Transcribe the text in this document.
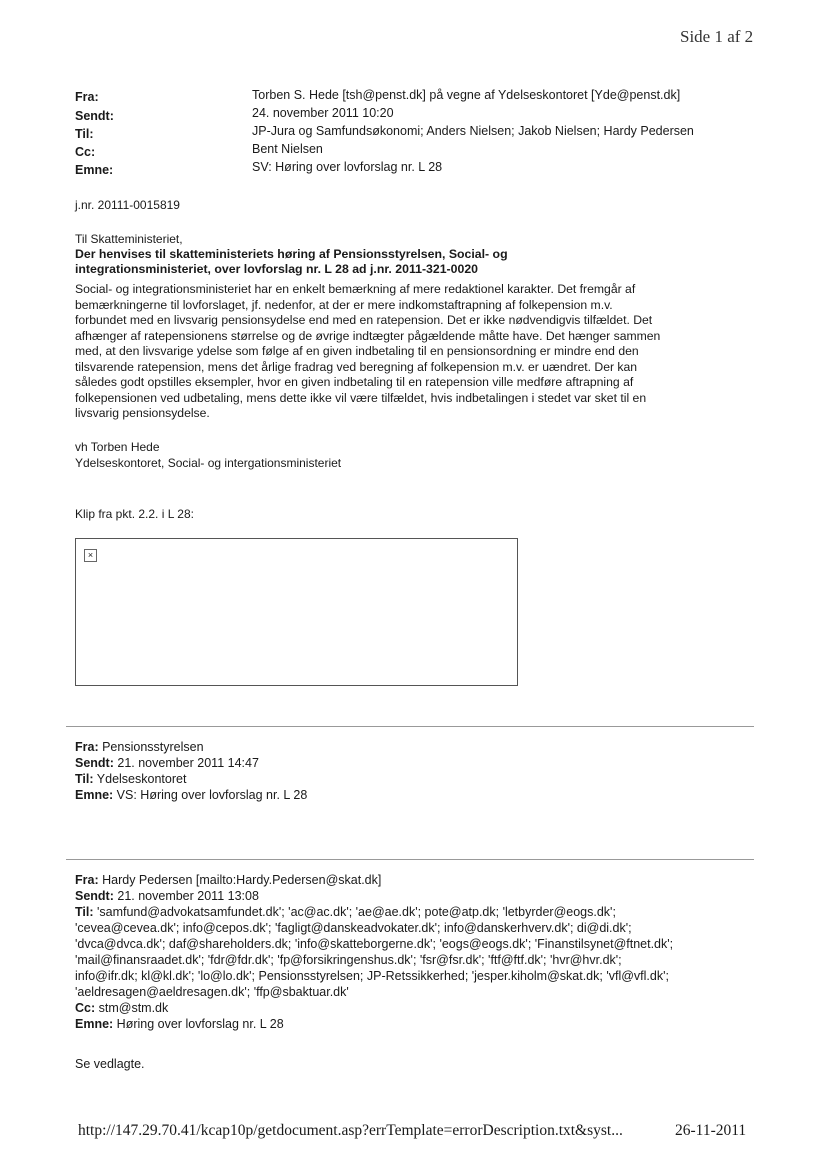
Side 1 af 2
Fra:	Torben S. Hede [tsh@penst.dk] på vegne af Ydelseskontoret [Yde@penst.dk]
Sendt:	24. november 2011 10:20
Til:	JP-Jura og Samfundsøkonomi; Anders Nielsen; Jakob Nielsen; Hardy Pedersen
Cc:	Bent Nielsen
Emne:	SV: Høring over lovforslag nr. L 28
j.nr. 20111-0015819
Til Skatteministeriet,
Der henvises til skatteministeriets høring af Pensionsstyrelsen, Social- og
integrationsministeriet, over lovforslag nr. L 28 ad j.nr. 2011-321-0020
Social- og integrationsministeriet har en enkelt bemærkning af mere redaktionel karakter. Det fremgår af
bemærkningerne til lovforslaget, jf. nedenfor, at der er mere indkomstaftrapning af folkepension m.v.
forbundet med en livsvarig pensionsydelse end med en ratepension. Det er ikke nødvendigvis tilfældet. Det
afhænger af ratepensionens størrelse og de øvrige indtægter pågældende måtte have. Det hænger sammen
med, at den livsvarige ydelse som følge af en given indbetaling til en pensionsordning er mindre end den
tilsvarende ratepension, mens det årlige fradrag ved beregning af folkepension m.v. er uændret. Der kan
således godt opstilles eksempler, hvor en given indbetaling til en ratepension ville medføre aftrapning af
folkepensionen ved udbetaling, mens dette ikke vil være tilfældet, hvis indbetalingen i stedet var sket til en
livsvarig pensionsydelse.
vh Torben Hede
Ydelseskontoret, Social- og intergationsministeriet
Klip fra pkt. 2.2. i L 28:
×
Fra: Pensionsstyrelsen
Sendt: 21. november 2011 14:47
Til: Ydelseskontoret
Emne: VS: Høring over lovforslag nr. L 28
Fra: Hardy Pedersen [mailto:Hardy.Pedersen@skat.dk]
Sendt: 21. november 2011 13:08
Til: 'samfund@advokatsamfundet.dk'; 'ac@ac.dk'; 'ae@ae.dk'; pote@atp.dk; 'letbyrder@eogs.dk';
'cevea@cevea.dk'; info@cepos.dk'; 'fagligt@danskeadvokater.dk'; info@danskerhverv.dk'; di@di.dk';
'dvca@dvca.dk'; daf@shareholders.dk; 'info@skatteborgerne.dk'; 'eogs@eogs.dk'; 'Finanstilsynet@ftnet.dk';
'mail@finansraadet.dk'; 'fdr@fdr.dk'; 'fp@forsikringenshus.dk'; 'fsr@fsr.dk'; 'ftf@ftf.dk'; 'hvr@hvr.dk';
info@ifr.dk; kl@kl.dk'; 'lo@lo.dk'; Pensionsstyrelsen; JP-Retssikkerhed; 'jesper.kiholm@skat.dk; 'vfl@vfl.dk';
'aeldresagen@aeldresagen.dk'; 'ffp@sbaktuar.dk'
Cc: stm@stm.dk
Emne: Høring over lovforslag nr. L 28
Se vedlagte.
http://147.29.70.41/kcap10p/getdocument.asp?errTemplate=errorDescription.txt&syst...	26-11-2011
